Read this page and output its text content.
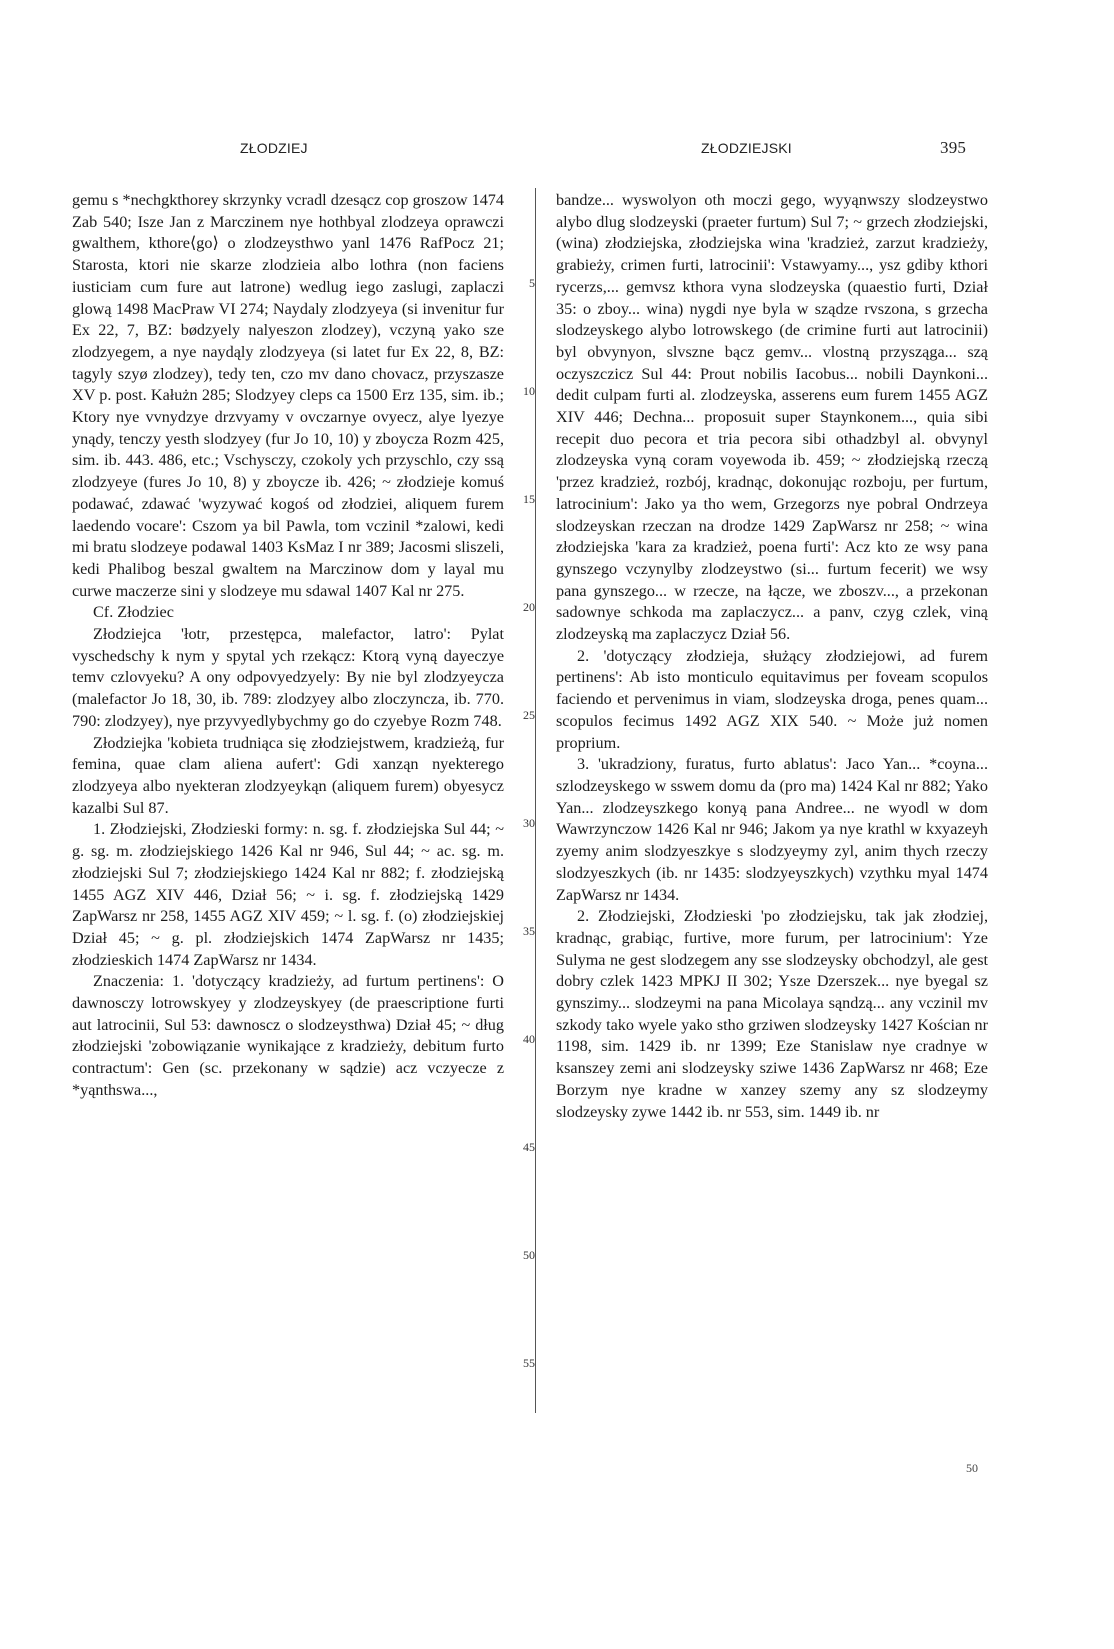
ZŁODZIEJ	ZŁODZIEJSKI	395

gemu s *nechgkthorey skrzynky vcradl dzesącz cop groszow 1474 Zab 540; Isze Jan z Marczinem nye hothbyal zlodzeya oprawczi gwalthem, kthore⟨go⟩ o zlodzeysthwo yanl 1476 RafPocz 21; Starosta, ktori nie skarze zlodzieia albo lothra (non faciens iusticiam cum fure aut latrone) wedlug iego zaslugi, zaplaczi glową 1498 MacPraw VI 274; Naydaly zlodzyeya (si invenitur fur Ex 22, 7, BZ: bødzyely nalyeszon zlodzey), vczyną yako sze zlodzyegem, a nye naydąly zlodzyeya (si latet fur Ex 22, 8, BZ: tagyly szyø zlodzey), tedy ten, czo mv dano chovacz, przyszasze XV p. post. Kałużn 285; Slodzyey cleps ca 1500 Erz 135, sim. ib.; Ktory nye vvnydzye drzvyamy v ovczarnye ovyecz, alye lyezye ynądy, tenczy yesth slodzyey (fur Jo 10, 10) y zboycza Rozm 425, sim. ib. 443. 486, etc.; Vschysczy, czokoly ych przyschlo, czy ssą zlodzyeye (fures Jo 10, 8) y zboycze ib. 426; ~ złodzieje komuś podawać, zdawać 'wyzywać kogoś od złodziei, aliquem furem laedendo vocare': Cszom ya bil Pawla, tom vczinil *zalowi, kedi mi bratu slodzeye podawal 1403 KsMaz I nr 389; Jacosmi sliszeli, kedi Phalibog beszal gwaltem na Marczinow dom y layal mu curwe maczerze sini y slodzeye mu sdawal 1407 Kal nr 275.

Cf. Złodziec

Złodziejca 'łotr, przestępca, malefactor, latro': Pylat vyschedschy k nym y spytal ych rzekącz: Ktorą vyną dayeczye temv czlovyeku? A ony odpovyedzyely: By nie byl zlodzyeycza (malefactor Jo 18, 30, ib. 789: zlodzyey albo zloczyncza, ib. 770. 790: zlodzyey), nye przyvyedlybychmy go do czyebye Rozm 748.

Złodziejka 'kobieta trudniąca się złodziejstwem, kradzieżą, fur femina, quae clam aliena aufert': Gdi xanząn nyekterego zlodzyeya albo nyekteran zlodzyeykąn (aliquem furem) obyesycz kazalbi Sul 87.

1. Złodziejski, Złodzieski formy: n. sg. f. złodziejska Sul 44; ~ g. sg. m. złodziejskiego 1426 Kal nr 946, Sul 44; ~ ac. sg. m. złodziejski Sul 7; złodziejskiego 1424 Kal nr 882; f. złodziejską 1455 AGZ XIV 446, Dział 56; ~ i. sg. f. złodziejską 1429 ZapWarsz nr 258, 1455 AGZ XIV 459; ~ l. sg. f. (o) złodziejskiej Dział 45; ~ g. pl. złodziejskich 1474 ZapWarsz nr 1435; złodzieskich 1474 ZapWarsz nr 1434.

Znaczenia: 1. 'dotyczący kradzieży, ad furtum pertinens': O dawnosczy lotrowskyey y zlodzeyskyey (de praescriptione furti aut latrocinii, Sul 53: dawnoscz o slodzeysthwa) Dział 45; ~ dług złodziejski 'zobowiązanie wynikające z kradzieży, debitum furto contractum': Gen (sc. przekonany w sądzie) acz vczyecze z *yąnthswa...,

5
10
15
20
25
30
35
40
45
50
55

bandze... wyswolyon oth moczi gego, wyyąnwszy slodzeystwo alybo dlug slodzeyski (praeter furtum) Sul 7; ~ grzech złodziejski, (wina) złodziejska, złodziejska wina 'kradzież, zarzut kradzieży, grabieży, crimen furti, latrocinii': Vstawyamy..., ysz gdiby kthori rycerzs,... gemvsz kthora vyna slodzeyska (quaestio furti, Dział 35: o zboy... wina) nygdi nye byla w sządze rvszona, s grzecha slodzeyskego alybo lotrowskego (de crimine furti aut latrocinii) byl obvynyon, slvszne bącz gemv... vlostną przysząga... szą oczyszczicz Sul 44: Prout nobilis Iacobus... nobili Daynkoni... dedit culpam furti al. zlodzeyska, asserens eum furem 1455 AGZ XIV 446; Dechna... proposuit super Staynkonem..., quia sibi recepit duo pecora et tria pecora sibi othadzbyl al. obvynyl zlodzeyska vyną coram voyewoda ib. 459; ~ złodziejską rzeczą 'przez kradzież, rozbój, kradnąc, dokonując rozboju, per furtum, latrocinium': Jako ya tho wem, Grzegorzs nye pobral Ondrzeya slodzeyskan rzeczan na drodze 1429 ZapWarsz nr 258; ~ wina złodziejska 'kara za kradzież, poena furti': Acz kto ze wsy pana gynszego vczynylby zlodzeystwo (si... furtum fecerit) we wsy pana gynszego... w rzecze, na łącze, we zboszv..., a przekonan sadownye schkoda ma zaplaczycz... a panv, czyg czlek, viną zlodzeyską ma zaplaczycz Dział 56.

2. 'dotyczący złodzieja, służący złodziejowi, ad furem pertinens': Ab isto monticulo equitavimus per foveam scopulos faciendo et pervenimus in viam, slodzeyska droga, penes quam... scopulos fecimus 1492 AGZ XIX 540. ~ Może już nomen proprium.

3. 'ukradziony, furatus, furto ablatus': Jaco Yan... *coyna... szlodzeyskego w sswem domu da (pro ma) 1424 Kal nr 882; Yako Yan... zlodzeyszkego konyą pana Andree... ne wyodl w dom Wawrzynczow 1426 Kal nr 946; Jakom ya nye krathl w kxyazeyh zyemy anim slodzyeszkye s slodzyeymy zyl, anim thych rzeczy slodzyeszkych (ib. nr 1435: slodzyeyszkych) vzythku myal 1474 ZapWarsz nr 1434.

2. Złodziejski, Złodzieski 'po złodziejsku, tak jak złodziej, kradnąc, grabiąc, furtive, more furum, per latrocinium': Yze Sulyma ne gest slodzegem any sse slodzeysky obchodzyl, ale gest dobry czlek 1423 MPKJ II 302; Ysze Dzerszek... nye byegal sz gynszimy... slodzeymi na pana Micolaya sąndzą... any vczinil mv szkody tako wyele yako stho grziwen slodzeysky 1427 Kościan nr 1198, sim. 1429 ib. nr 1399; Eze Stanislaw nye cradnye w ksanszey zemi ani slodzeysky sziwe 1436 ZapWarsz nr 468; Eze Borzym nye kradne w xanzey szemy any sz slodzeymy slodzeysky zywe 1442 ib. nr 553, sim. 1449 ib. nr

50
